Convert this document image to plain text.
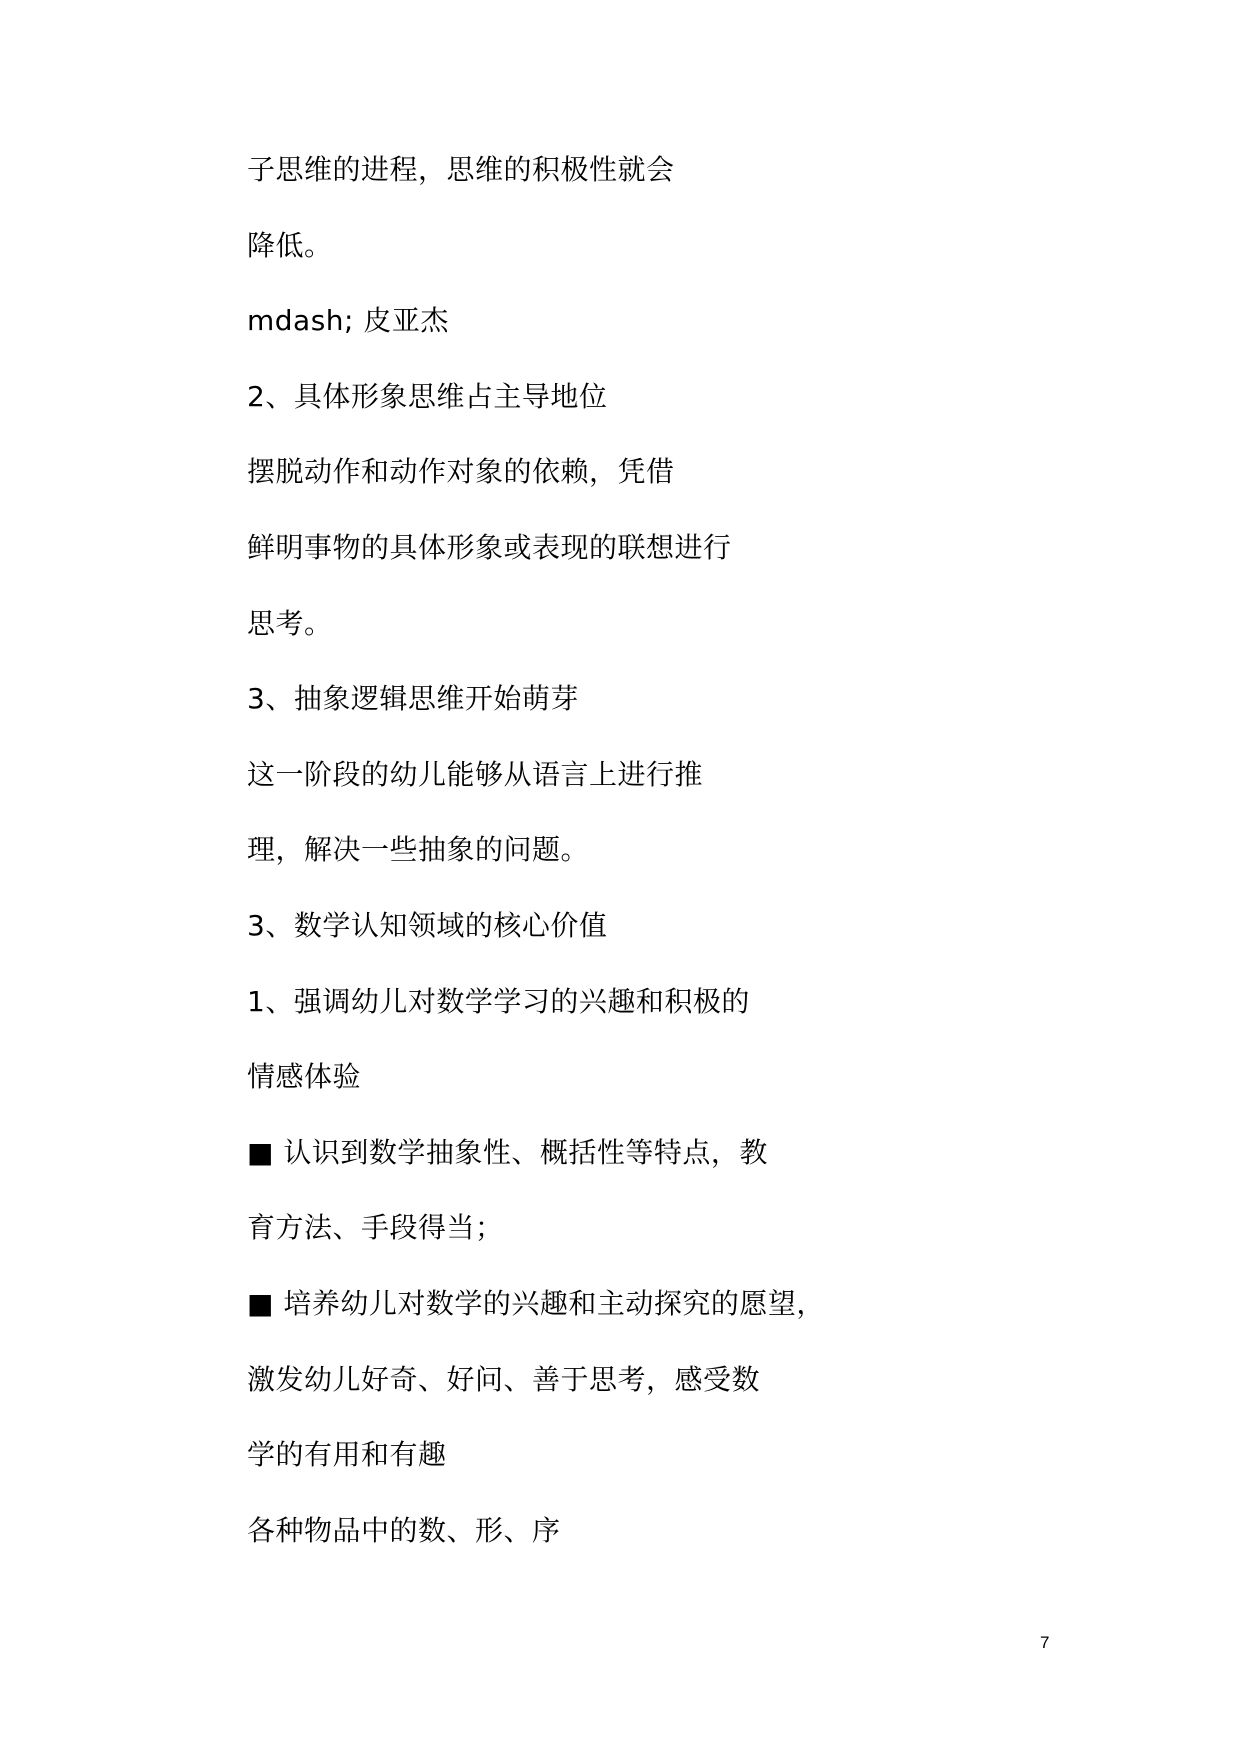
子思维的进程，思维的积极性就会
降低。
mdash; 皮亚杰
2、具体形象思维占主导地位
摆脱动作和动作对象的依赖，凭借
鲜明事物的具体形象或表现的联想进行
思考。
3、抽象逻辑思维开始萌芽
这一阶段的幼儿能够从语言上进行推
理，解决一些抽象的问题。
3、数学认知领域的核心价值
1、强调幼儿对数学学习的兴趣和积极的
情感体验
■ 认识到数学抽象性、概括性等特点，教
育方法、手段得当；
■ 培养幼儿对数学的兴趣和主动探究的愿望，
激发幼儿好奇、好问、善于思考，感受数
学的有用和有趣
各种物品中的数、形、序
7
